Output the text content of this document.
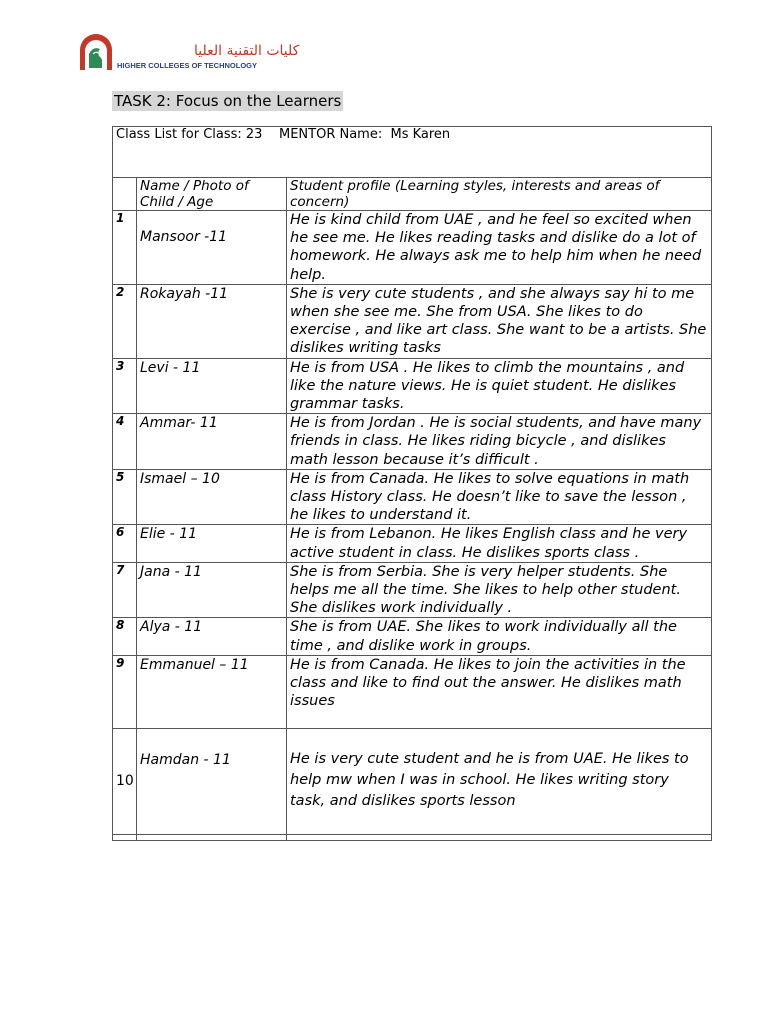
كليات التقنية العليا
HIGHER COLLEGES OF TECHNOLOGY
TASK 2: Focus on the Learners
Class List for Class: 23 MENTOR Name:  Ms Karen		
	Name / Photo of Child / Age	Student profile (Learning styles, interests and areas of concern)
1	Mansoor -11	He is kind child from UAE , and he feel so excited when he see me. He likes reading tasks and dislike do a lot of homework. He always ask me to help him when he need help.
2	Rokayah -11	She is very cute students , and she always say hi to me when she see me. She from USA. She likes to do exercise , and like art class. She want to be a artists. She dislikes writing tasks
3	Levi - 11	He is from USA . He likes to climb the mountains , and like the nature views. He is quiet student. He dislikes grammar tasks.
4	Ammar- 11	He is from Jordan . He is social students, and have many friends in class. He likes riding bicycle , and dislikes math lesson because it’s difficult .
5	Ismael – 10	He is from Canada. He likes to solve equations in math class History class. He doesn’t like to save the lesson , he likes to understand it.
6	Elie - 11	He is from Lebanon. He likes English class and he very active student in class. He dislikes sports class .
7	Jana - 11	She is from Serbia. She is very helper students. She helps me all the time. She likes to help other student. She dislikes work individually .
8	Alya - 11	She is from UAE. She likes to work individually all the time , and dislike work in groups.
9	Emmanuel – 11	He is from Canada. He likes to join the activities in the class and like to find out the answer. He dislikes math issues
10	Hamdan - 11	He is very cute student and he is from UAE. He likes to help mw when I was in school. He likes writing story task, and dislikes sports lesson
